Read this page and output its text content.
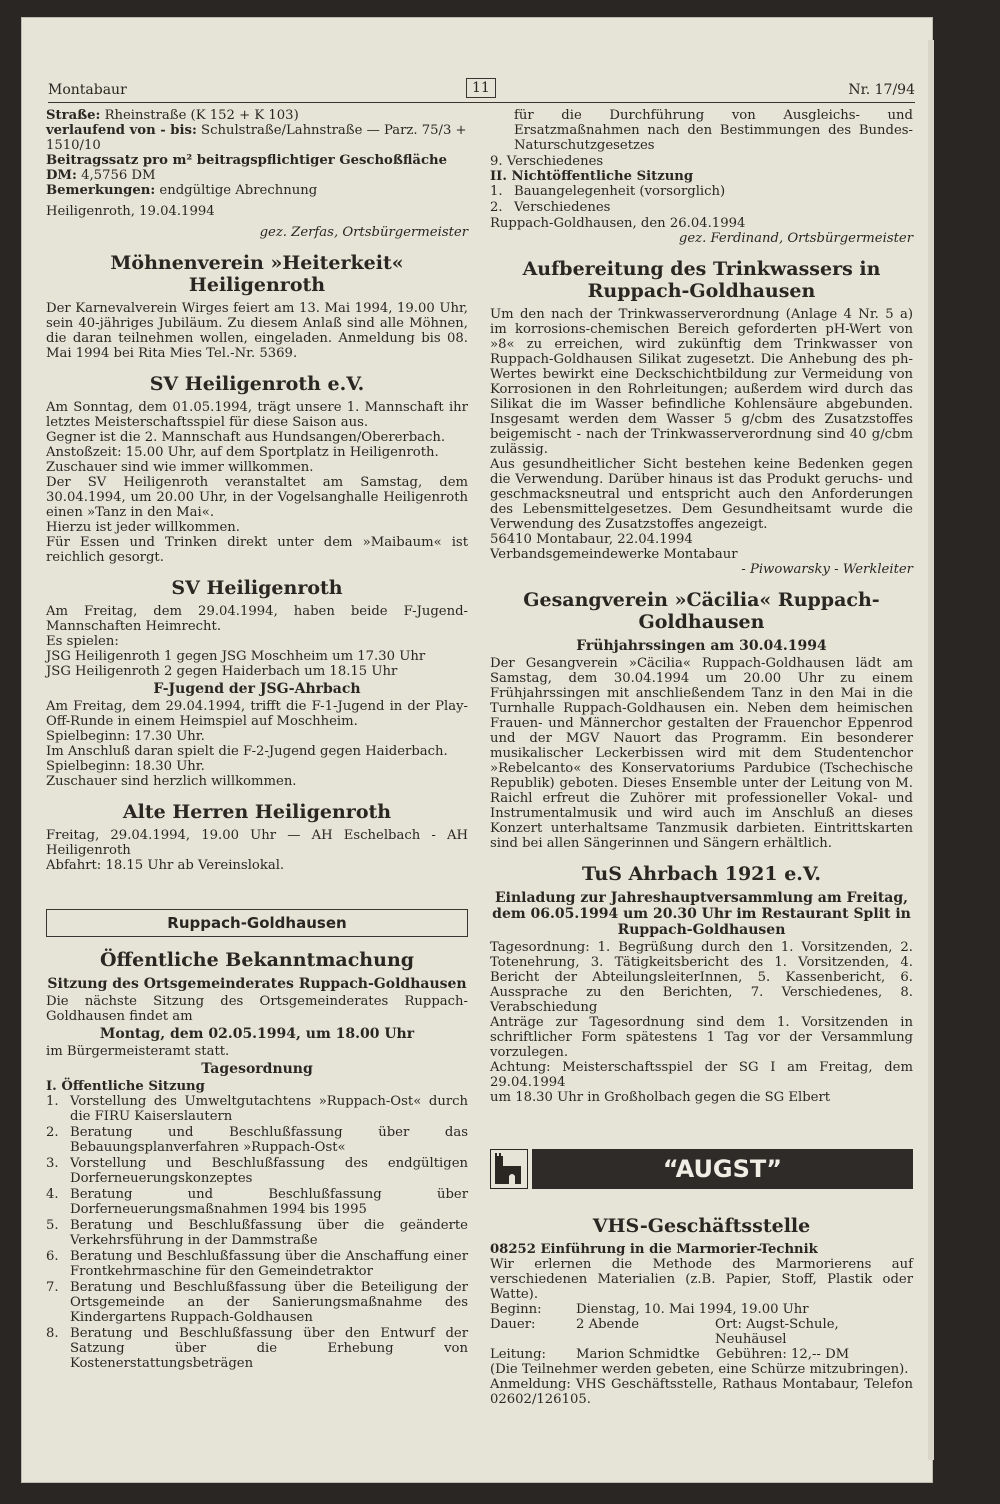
Montabaur	11	Nr. 17/94

Straße: Rheinstraße (K 152 + K 103)

verlaufend von - bis: Schulstraße/Lahnstraße — Parz. 75/3 + 1510/10

Beitragssatz pro m² beitragspflichtiger Geschoßfläche DM: 4,5756 DM

Bemerkungen: endgültige Abrechnung

Heiligenroth, 19.04.1994

gez. Zerfas, Ortsbürgermeister

Möhnenverein »Heiterkeit« Heiligenroth

Der Karnevalverein Wirges feiert am 13. Mai 1994, 19.00 Uhr, sein 40-jähriges Jubiläum. Zu diesem Anlaß sind alle Möhnen, die daran teilnehmen wollen, eingeladen. Anmeldung bis 08. Mai 1994 bei Rita Mies Tel.-Nr. 5369.

SV Heiligenroth e.V.

Am Sonntag, dem 01.05.1994, trägt unsere 1. Mannschaft ihr letztes Meisterschaftsspiel für diese Saison aus.

Gegner ist die 2. Mannschaft aus Hundsangen/Obererbach.

Anstoßzeit: 15.00 Uhr, auf dem Sportplatz in Heiligenroth.

Zuschauer sind wie immer willkommen.

Der SV Heiligenroth veranstaltet am Samstag, dem 30.04.1994, um 20.00 Uhr, in der Vogelsanghalle Heiligenroth einen »Tanz in den Mai«.

Hierzu ist jeder willkommen.

Für Essen und Trinken direkt unter dem »Maibaum« ist reichlich gesorgt.

SV Heiligenroth

Am Freitag, dem 29.04.1994, haben beide F-Jugend-Mannschaften Heimrecht.

Es spielen:

JSG Heiligenroth 1 gegen JSG Moschheim um 17.30 Uhr

JSG Heiligenroth 2 gegen Haiderbach um 18.15 Uhr

F-Jugend der JSG-Ahrbach

Am Freitag, dem 29.04.1994, trifft die F-1-Jugend in der Play-Off-Runde in einem Heimspiel auf Moschheim.

Spielbeginn: 17.30 Uhr.

Im Anschluß daran spielt die F-2-Jugend gegen Haiderbach.

Spielbeginn: 18.30 Uhr.

Zuschauer sind herzlich willkommen.

Alte Herren Heiligenroth

Freitag, 29.04.1994, 19.00 Uhr — AH Eschelbach - AH Heiligenroth

Abfahrt: 18.15 Uhr ab Vereinslokal.

Ruppach-Goldhausen
Öffentliche Bekanntmachung
Sitzung des Ortsgemeinderates Ruppach-Goldhausen

Die nächste Sitzung des Ortsgemeinderates Ruppach-Goldhausen findet am

Montag, dem 02.05.1994, um 18.00 Uhr

im Bürgermeisteramt statt.

Tagesordnung

I. Öffentliche Sitzung

1. Vorstellung des Umweltgutachtens »Ruppach-Ost« durch die FIRU Kaiserslautern
2. Beratung und Beschlußfassung über das Bebauungsplanverfahren »Ruppach-Ost«
3. Vorstellung und Beschlußfassung des endgültigen Dorferneuerungskonzeptes
4. Beratung und Beschlußfassung über Dorferneuerungsmaßnahmen 1994 bis 1995
5. Beratung und Beschlußfassung über die geänderte Verkehrsführung in der Dammstraße
6. Beratung und Beschlußfassung über die Anschaffung einer Frontkehrmaschine für den Gemeindetraktor
7. Beratung und Beschlußfassung über die Beteiligung der Ortsgemeinde an der Sanierungsmaßnahme des Kindergartens Ruppach-Goldhausen
8. Beratung und Beschlußfassung über den Entwurf der Satzung über die Erhebung von Kostenerstattungsbeträgen
für die Durchführung von Ausgleichs- und Ersatzmaßnahmen nach den Bestimmungen des Bundes-Naturschutzgesetzes

9. Verschiedenes

II. Nichtöffentliche Sitzung

1. Bauangelegenheit (vorsorglich)
2. Verschiedenes

Ruppach-Goldhausen, den 26.04.1994

gez. Ferdinand, Ortsbürgermeister

Aufbereitung des Trinkwassers in Ruppach-Goldhausen

Um den nach der Trinkwasserverordnung (Anlage 4 Nr. 5 a) im korrosions-chemischen Bereich geforderten pH-Wert von »8« zu erreichen, wird zukünftig dem Trinkwasser von Ruppach-Goldhausen Silikat zugesetzt. Die Anhebung des ph-Wertes bewirkt eine Deckschichtbildung zur Vermeidung von Korrosionen in den Rohrleitungen; außerdem wird durch das Silikat die im Wasser befindliche Kohlensäure abgebunden. Insgesamt werden dem Wasser 5 g/cbm des Zusatzstoffes beigemischt - nach der Trinkwasserverordnung sind 40 g/cbm zulässig.

Aus gesundheitlicher Sicht bestehen keine Bedenken gegen die Verwendung. Darüber hinaus ist das Produkt geruchs- und geschmacksneutral und entspricht auch den Anforderungen des Lebensmittelgesetzes. Dem Gesundheitsamt wurde die Verwendung des Zusatzstoffes angezeigt.

56410 Montabaur, 22.04.1994

Verbandsgemeindewerke Montabaur

- Piwowarsky - Werkleiter

Gesangverein »Cäcilia« Ruppach-Goldhausen
Frühjahrssingen am 30.04.1994

Der Gesangverein »Cäcilia« Ruppach-Goldhausen lädt am Samstag, dem 30.04.1994 um 20.00 Uhr zu einem Frühjahrssingen mit anschließendem Tanz in den Mai in die Turnhalle Ruppach-Goldhausen ein. Neben dem heimischen Frauen- und Männerchor gestalten der Frauenchor Eppenrod und der MGV Nauort das Programm. Ein besonderer musikalischer Leckerbissen wird mit dem Studentenchor »Rebelcanto« des Konservatoriums Pardubice (Tschechische Republik) geboten. Dieses Ensemble unter der Leitung von M. Raichl erfreut die Zuhörer mit professioneller Vokal- und Instrumentalmusik und wird auch im Anschluß an dieses Konzert unterhaltsame Tanzmusik darbieten. Eintrittskarten sind bei allen Sängerinnen und Sängern erhältlich.

TuS Ahrbach 1921 e.V.
Einladung zur Jahreshauptversammlung am Freitag, dem 06.05.1994 um 20.30 Uhr im Restaurant Split in Ruppach-Goldhausen

Tagesordnung: 1. Begrüßung durch den 1. Vorsitzenden, 2. Totenehrung, 3. Tätigkeitsbericht des 1. Vorsitzenden, 4. Bericht der AbteilungsleiterInnen, 5. Kassenbericht, 6. Aussprache zu den Berichten, 7. Verschiedenes, 8. Verabschiedung

Anträge zur Tagesordnung sind dem 1. Vorsitzenden in schriftlicher Form spätestens 1 Tag vor der Versammlung vorzulegen.

Achtung: Meisterschaftsspiel der SG I am Freitag, dem 29.04.1994

um 18.30 Uhr in Großholbach gegen die SG Elbert

“AUGST”
VHS-Geschäftsstelle

08252 Einführung in die Marmorier-Technik

Wir erlernen die Methode des Marmorierens auf verschiedenen Materialien (z.B. Papier, Stoff, Plastik oder Watte).

Beginn:	Dienstag, 10. Mai 1994, 19.00 Uhr
Dauer:	2 Abende	Ort: Augst-Schule, Neuhäusel
Leitung:	Marion Schmidtke	Gebühren: 12,-- DM

(Die Teilnehmer werden gebeten, eine Schürze mitzubringen).

Anmeldung: VHS Geschäftsstelle, Rathaus Montabaur, Telefon 02602/126105.
